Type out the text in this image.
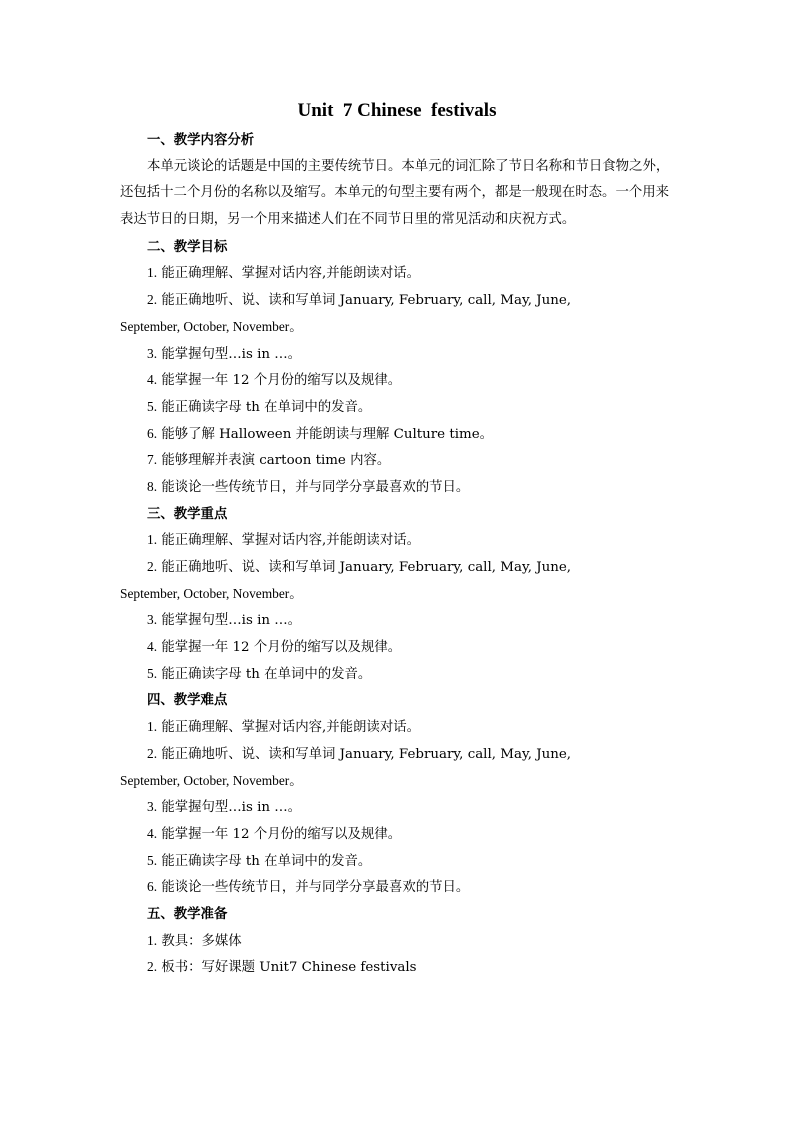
Unit  7 Chinese  festivals
一、教学内容分析

本单元谈论的话题是中国的主要传统节日。本单元的词汇除了节日名称和节日食物之外，还包括十二个月份的名称以及缩写。本单元的句型主要有两个，都是一般现在时态。一个用来表达节日的日期，另一个用来描述人们在不同节日里的常见活动和庆祝方式。

二、教学目标
1. 能正确理解、掌握对话内容,并能朗读对话。
2. 能正确地听、说、读和写单词 January, February, call, May, June,
September, October, November。
3. 能掌握句型…is in …。
4. 能掌握一年 12 个月份的缩写以及规律。
5. 能正确读字母 th 在单词中的发音。
6. 能够了解 Halloween 并能朗读与理解 Culture time。
7. 能够理解并表演 cartoon time 内容。
8. 能谈论一些传统节日，并与同学分享最喜欢的节日。
三、教学重点
1. 能正确理解、掌握对话内容,并能朗读对话。
2. 能正确地听、说、读和写单词 January, February, call, May, June,
September, October, November。
3. 能掌握句型…is in …。
4. 能掌握一年 12 个月份的缩写以及规律。
5. 能正确读字母 th 在单词中的发音。
四、教学难点
1. 能正确理解、掌握对话内容,并能朗读对话。
2. 能正确地听、说、读和写单词 January, February, call, May, June,
September, October, November。
3. 能掌握句型…is in …。
4. 能掌握一年 12 个月份的缩写以及规律。
5. 能正确读字母 th 在单词中的发音。
6. 能谈论一些传统节日，并与同学分享最喜欢的节日。
五、教学准备
1. 教具：多媒体
2. 板书：写好课题 Unit7 Chinese festivals
